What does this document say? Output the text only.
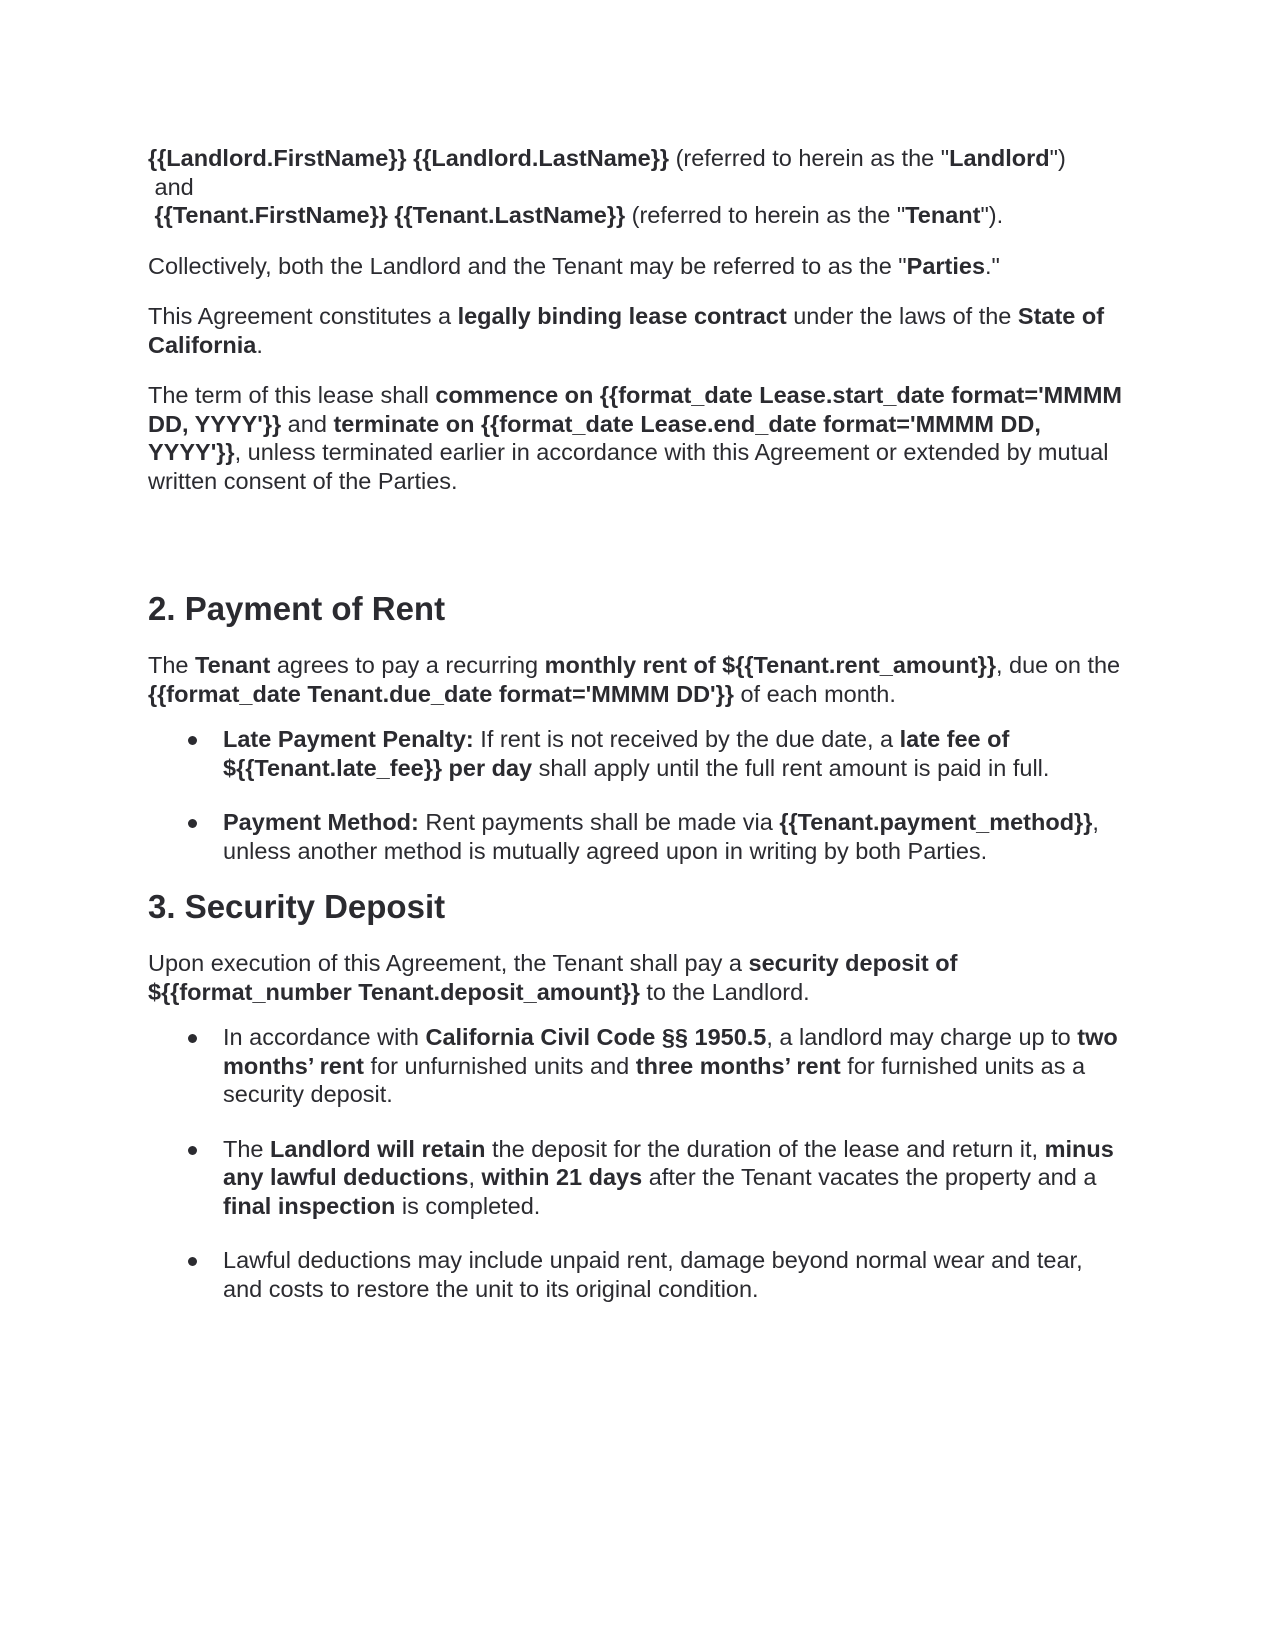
{{Landlord.FirstName}} {{Landlord.LastName}} (referred to herein as the "Landlord")
and
{{Tenant.FirstName}} {{Tenant.LastName}} (referred to herein as the "Tenant").

Collectively, both the Landlord and the Tenant may be referred to as the "Parties."

This Agreement constitutes a legally binding lease contract under the laws of the State of California.

The term of this lease shall commence on {{format_date Lease.start_date format='MMMM DD, YYYY'}} and terminate on {{format_date Lease.end_date format='MMMM DD, YYYY'}}, unless terminated earlier in accordance with this Agreement or extended by mutual written consent of the Parties.

2. Payment of Rent

The Tenant agrees to pay a recurring monthly rent of ${{Tenant.rent_amount}}, due on the {{format_date Tenant.due_date format='MMMM DD'}} of each month.

Late Payment Penalty: If rent is not received by the due date, a late fee of ${{Tenant.late_fee}} per day shall apply until the full rent amount is paid in full.
Payment Method: Rent payments shall be made via {{Tenant.payment_method}}, unless another method is mutually agreed upon in writing by both Parties.
3. Security Deposit

Upon execution of this Agreement, the Tenant shall pay a security deposit of ${{format_number Tenant.deposit_amount}} to the Landlord.

In accordance with California Civil Code §§ 1950.5, a landlord may charge up to two months’ rent for unfurnished units and three months’ rent for furnished units as a security deposit.
The Landlord will retain the deposit for the duration of the lease and return it, minus any lawful deductions, within 21 days after the Tenant vacates the property and a final inspection is completed.
Lawful deductions may include unpaid rent, damage beyond normal wear and tear, and costs to restore the unit to its original condition.
